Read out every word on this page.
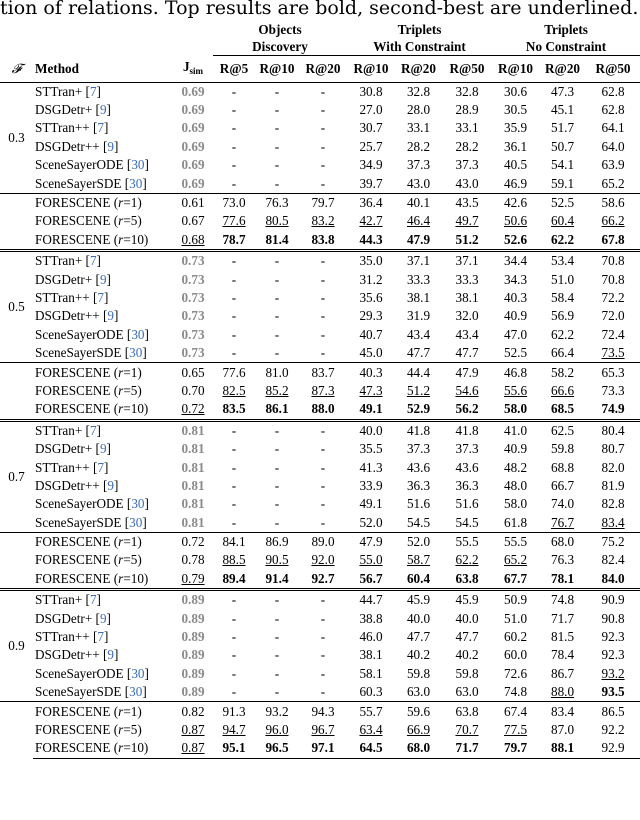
tion of relations. Top results are bold, second-best are underlined.
			Objects			Triplets			Triplets		
			Discovery			With Constraint			No Constraint		
𝓕	Method	$J_{sim}$	R@5	R@10	R@20	R@10	R@20	R@50	R@10	R@20	R@50
0.3	STTran+ [7]	0.69	-	-	-	30.8	32.8	32.8	30.6	47.3	62.8
	DSGDetr+ [9]	0.69	-	-	-	27.0	28.0	28.9	30.5	45.1	62.8
	STTran++ [7]	0.69	-	-	-	30.7	33.1	33.1	35.9	51.7	64.1
	DSGDetr++ [9]	0.69	-	-	-	25.7	28.2	28.2	36.1	50.7	64.0
	SceneSayerODE [30]	0.69	-	-	-	34.9	37.3	37.3	40.5	54.1	63.9
	SceneSayerSDE [30]	0.69	-	-	-	39.7	43.0	43.0	46.9	59.1	65.2
	FORESCENE (r=1)	0.61	73.0	76.3	79.7	36.4	40.1	43.5	42.6	52.5	58.6
	FORESCENE (r=5)	0.67	77.6	80.5	83.2	42.7	46.4	49.7	50.6	60.4	66.2
	FORESCENE (r=10)	0.68	78.7	81.4	83.8	44.3	47.9	51.2	52.6	62.2	67.8
0.5	STTran+ [7]	0.73	-	-	-	35.0	37.1	37.1	34.4	53.4	70.8
	DSGDetr+ [9]	0.73	-	-	-	31.2	33.3	33.3	34.3	51.0	70.8
	STTran++ [7]	0.73	-	-	-	35.6	38.1	38.1	40.3	58.4	72.2
	DSGDetr++ [9]	0.73	-	-	-	29.3	31.9	32.0	40.9	56.9	72.0
	SceneSayerODE [30]	0.73	-	-	-	40.7	43.4	43.4	47.0	62.2	72.4
	SceneSayerSDE [30]	0.73	-	-	-	45.0	47.7	47.7	52.5	66.4	73.5
	FORESCENE (r=1)	0.65	77.6	81.0	83.7	40.3	44.4	47.9	46.8	58.2	65.3
	FORESCENE (r=5)	0.70	82.5	85.2	87.3	47.3	51.2	54.6	55.6	66.6	73.3
	FORESCENE (r=10)	0.72	83.5	86.1	88.0	49.1	52.9	56.2	58.0	68.5	74.9
0.7	STTran+ [7]	0.81	-	-	-	40.0	41.8	41.8	41.0	62.5	80.4
	DSGDetr+ [9]	0.81	-	-	-	35.5	37.3	37.3	40.9	59.8	80.7
	STTran++ [7]	0.81	-	-	-	41.3	43.6	43.6	48.2	68.8	82.0
	DSGDetr++ [9]	0.81	-	-	-	33.9	36.3	36.3	48.0	66.7	81.9
	SceneSayerODE [30]	0.81	-	-	-	49.1	51.6	51.6	58.0	74.0	82.8
	SceneSayerSDE [30]	0.81	-	-	-	52.0	54.5	54.5	61.8	76.7	83.4
	FORESCENE (r=1)	0.72	84.1	86.9	89.0	47.9	52.0	55.5	55.5	68.0	75.2
	FORESCENE (r=5)	0.78	88.5	90.5	92.0	55.0	58.7	62.2	65.2	76.3	82.4
	FORESCENE (r=10)	0.79	89.4	91.4	92.7	56.7	60.4	63.8	67.7	78.1	84.0
0.9	STTran+ [7]	0.89	-	-	-	44.7	45.9	45.9	50.9	74.8	90.9
	DSGDetr+ [9]	0.89	-	-	-	38.8	40.0	40.0	51.0	71.7	90.8
	STTran++ [7]	0.89	-	-	-	46.0	47.7	47.7	60.2	81.5	92.3
	DSGDetr++ [9]	0.89	-	-	-	38.1	40.2	40.2	60.0	78.4	92.3
	SceneSayerODE [30]	0.89	-	-	-	58.1	59.8	59.8	72.6	86.7	93.2
	SceneSayerSDE [30]	0.89	-	-	-	60.3	63.0	63.0	74.8	88.0	93.5
	FORESCENE (r=1)	0.82	91.3	93.2	94.3	55.7	59.6	63.8	67.4	83.4	86.5
	FORESCENE (r=5)	0.87	94.7	96.0	96.7	63.4	66.9	70.7	77.5	87.0	92.2
	FORESCENE (r=10)	0.87	95.1	96.5	97.1	64.5	68.0	71.7	79.7	88.1	92.9
